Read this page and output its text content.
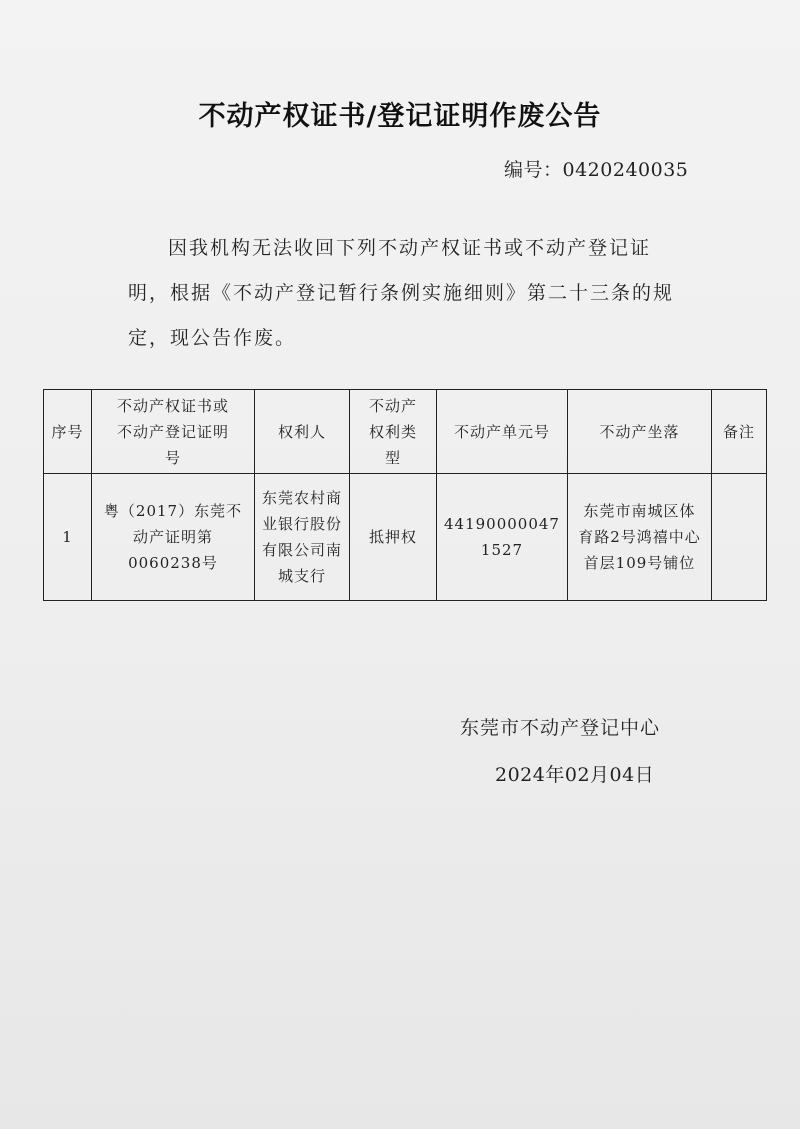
不动产权证书/登记证明作废公告
编号：0420240035
因我机构无法收回下列不动产权证书或不动产登记证明，根据《不动产登记暂行条例实施细则》第二十三条的规定，现公告作废。
序号	不动产权证书或不动产登记证明号	权利人	不动产权利类型	不动产单元号	不动产坐落	备注
1	粤（2017）东莞不动产证明第0060238号	东莞农村商业银行股份有限公司南城支行	抵押权	441900000471527	东莞市南城区体育路2号鸿禧中心首层109号铺位	
东莞市不动产登记中心
2024年02月04日
